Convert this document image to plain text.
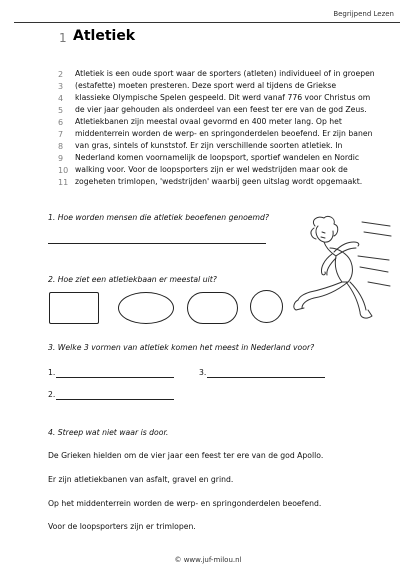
Begrijpend Lezen
1 Atletiek
2	Atletiek is een oude sport waar de sporters (atleten) individueel of in groepen
3	(estafette) moeten presteren. Deze sport werd al tijdens de Griekse
4	klassieke Olympische Spelen gespeeld. Dit werd vanaf 776 voor Christus om
5	de vier jaar gehouden als onderdeel van een feest ter ere van de god Zeus.
6	Atletiekbanen zijn meestal ovaal gevormd en 400 meter lang. Op het
7	middenterrein worden de werp- en springonderdelen beoefend. Er zijn banen
8	van gras, sintels of kunststof. Er zijn verschillende soorten atletiek. In
9	Nederland komen voornamelijk de loopsport, sportief wandelen en Nordic
10 walking voor. Voor de loopsporters zijn er wel wedstrijden maar ook de
11 zogeheten trimlopen, 'wedstrijden' waarbij geen uitslag wordt opgemaakt.
1. Hoe worden mensen die atletiek beoefenen genoemd?
2. Hoe ziet een atletiekbaan er meestal uit?
3. Welke 3 vormen van atletiek komen het meest in Nederland voor?
1.	3.
2.
4. Streep wat niet waar is door.
De Grieken hielden om de vier jaar een feest ter ere van de god Apollo.
Er zijn atletiekbanen van asfalt, gravel en grind.
Op het middenterrein worden de werp- en springonderdelen beoefend.
Voor de loopsporters zijn er trimlopen.
© www.juf-milou.nl
